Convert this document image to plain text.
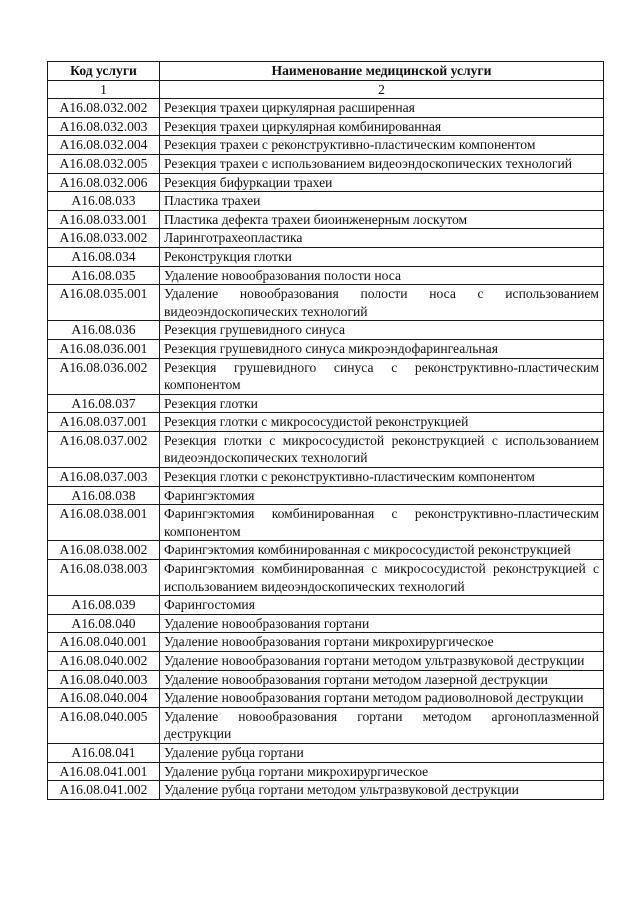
Код услуги	Наименование медицинской услуги
1	2
A16.08.032.002	Резекция трахеи циркулярная расширенная
A16.08.032.003	Резекция трахеи циркулярная комбинированная
A16.08.032.004	Резекция трахеи с реконструктивно-пластическим компонентом
A16.08.032.005	Резекция трахеи с использованием видеоэндоскопических технологий
A16.08.032.006	Резекция бифуркации трахеи
A16.08.033	Пластика трахеи
A16.08.033.001	Пластика дефекта трахеи биоинженерным лоскутом
A16.08.033.002	Ларинготрахеопластика
A16.08.034	Реконструкция глотки
A16.08.035	Удаление новообразования полости носа
A16.08.035.001	Удаление новообразования полости носа с использованием видеоэндоскопических технологий
A16.08.036	Резекция грушевидного синуса
A16.08.036.001	Резекция грушевидного синуса микроэндофарингеальная
A16.08.036.002	Резекция грушевидного синуса с реконструктивно-пластическим компонентом
A16.08.037	Резекция глотки
A16.08.037.001	Резекция глотки с микрососудистой реконструкцией
A16.08.037.002	Резекция глотки с микрососудистой реконструкцией с использованием видеоэндоскопических технологий
A16.08.037.003	Резекция глотки с реконструктивно-пластическим компонентом
A16.08.038	Фарингэктомия
A16.08.038.001	Фарингэктомия комбинированная с реконструктивно-пластическим компонентом
A16.08.038.002	Фарингэктомия комбинированная с микрососудистой реконструкцией
A16.08.038.003	Фарингэктомия комбинированная с микрососудистой реконструкцией с использованием видеоэндоскопических технологий
A16.08.039	Фарингостомия
A16.08.040	Удаление новообразования гортани
A16.08.040.001	Удаление новообразования гортани микрохирургическое
A16.08.040.002	Удаление новообразования гортани методом ультразвуковой деструкции
A16.08.040.003	Удаление новообразования гортани методом лазерной деструкции
A16.08.040.004	Удаление новообразования гортани методом радиоволновой деструкции
A16.08.040.005	Удаление новообразования гортани методом аргоноплазменной деструкции
A16.08.041	Удаление рубца гортани
A16.08.041.001	Удаление рубца гортани микрохирургическое
A16.08.041.002	Удаление рубца гортани методом ультразвуковой деструкции
